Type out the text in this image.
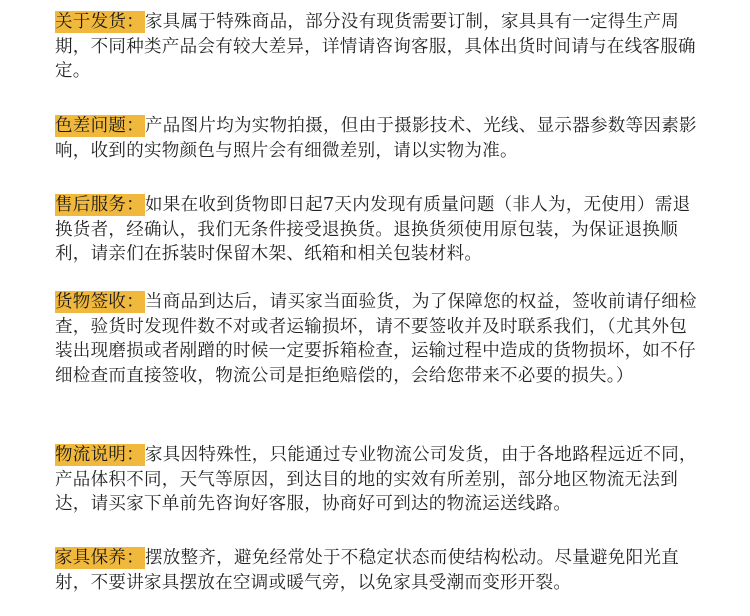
关于发货：家具属于特殊商品，部分没有现货需要订制，家具具有一定得生产周期，不同种类产品会有较大差异，详情请咨询客服，具体出货时间请与在线客服确定。

色差问题：产品图片均为实物拍摄，但由于摄影技术、光线、显示器参数等因素影响，收到的实物颜色与照片会有细微差别，请以实物为准。

售后服务：如果在收到货物即日起7天内发现有质量问题（非人为，无使用）需退换货者，经确认，我们无条件接受退换货。退换货须使用原包装，为保证退换顺利，请亲们在拆装时保留木架、纸箱和相关包装材料。

货物签收：当商品到达后，请买家当面验货，为了保障您的权益，签收前请仔细检查，验货时发现件数不对或者运输损坏，请不要签收并及时联系我们，（尤其外包装出现磨损或者剐蹭的时候一定要拆箱检查，运输过程中造成的货物损坏，如不仔细检查而直接签收，物流公司是拒绝赔偿的，会给您带来不必要的损失。）

物流说明：家具因特殊性，只能通过专业物流公司发货，由于各地路程远近不同，产品体积不同，天气等原因，到达目的地的实效有所差别，部分地区物流无法到达，请买家下单前先咨询好客服，协商好可到达的物流运送线路。

家具保养：摆放整齐，避免经常处于不稳定状态而使结构松动。尽量避免阳光直射，不要讲家具摆放在空调或暖气旁，以免家具受潮而变形开裂。
